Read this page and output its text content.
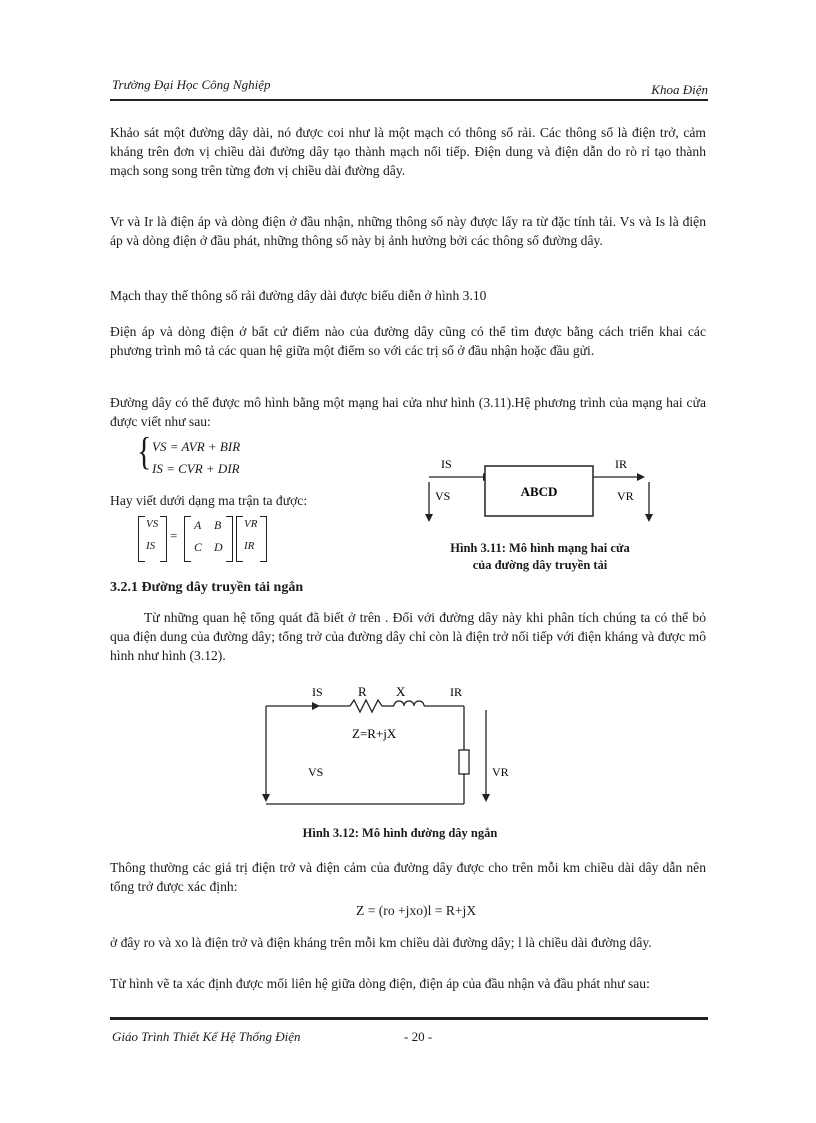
Trường Đại Học Công Nghiệp	Khoa Điện

Khảo sát một đường dây dài, nó được coi như là một mạch có thông số rải. Các thông số là điện trở, cảm kháng trên đơn vị chiều dài đường dây tạo thành mạch nối tiếp. Điện dung và điện dẫn do rò rỉ tạo thành mạch song song trên từng đơn vị chiều dài đường dây.

Vr và Ir là điện áp và dòng điện ở đầu nhận, những thông số này được lấy ra từ đặc tính tải. Vs và Is là điện áp và dòng điện ở đầu phát, những thông số này bị ảnh hưởng bởi các thông số đường dây.

Mạch thay thế thông số rải đường dây dài được biểu diễn ở hình 3.10

Điện áp và dòng điện ở bất cứ điểm nào của đường dây cũng có thể tìm được bằng cách triển khai các phương trình mô tả các quan hệ giữa một điểm so với các trị số ở đầu nhận hoặc đầu gửi.

Đường dây có thể được mô hình bằng một mạng hai cửa như hình (3.11).Hệ phương trình của mạng hai cửa được viết như sau:

{ VS = AVR + BIR
IS = CVR + DIR

Hay viết dưới dạng ma trận ta được:

VS
IS
=
A B
C D
VR
IR
IS	IR
VS	VR
ABCD
Hình 3.11: Mô hình mạng hai cửa
của đường dây truyền tải
3.2.1 Đường dây truyền tải ngắn

Từ những quan hệ tổng quát đã biết ở trên . Đối với đường dây này khi phân tích chúng ta có thể bỏ qua điện dung của đường dây; tổng trở của đường dây chỉ còn là điện trở nối tiếp với điện kháng và được mô hình như hình (3.12).

IS	R X	IR
Z=R+jX
VS	VR
Hình 3.12: Mô hình đường dây ngắn

Thông thường các giá trị điện trở và điện cảm của đường dây được cho trên mỗi km chiều dài dây dẫn nên tổng trở được xác định:

Z = (ro +jxo)l = R+jX

ở đây ro và xo là điện trở và điện kháng trên mỗi km chiều dài đường dây; l là chiều dài đường dây.

Từ hình vẽ ta xác định được mối liên hệ giữa dòng điện, điện áp của đầu nhận và đầu phát như sau:

Giáo Trình Thiết Kế Hệ Thống Điện	- 20 -
